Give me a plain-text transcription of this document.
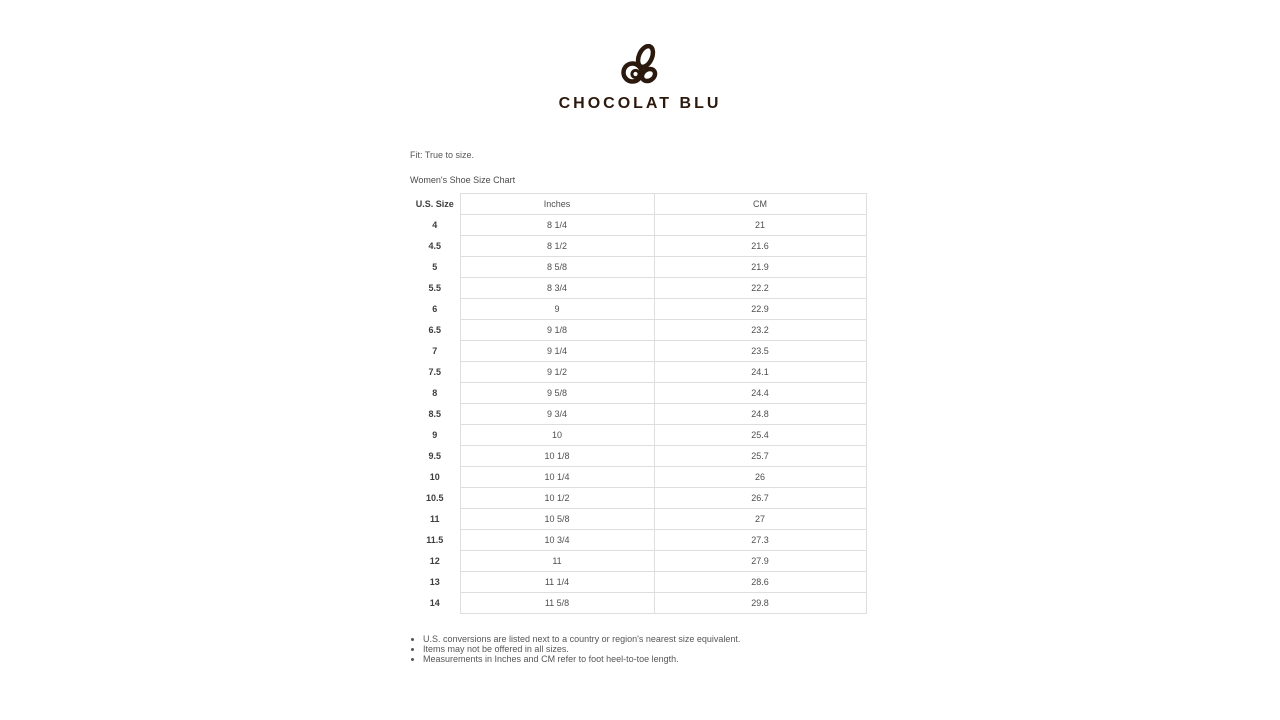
CHOCOLAT BLU

Fit: True to size.

Women's Shoe Size Chart
U.S. Size	Inches	CM
4	8 1/4	21
4.5	8 1/2	21.6
5	8 5/8	21.9
5.5	8 3/4	22.2
6	9	22.9
6.5	9 1/8	23.2
7	9 1/4	23.5
7.5	9 1/2	24.1
8	9 5/8	24.4
8.5	9 3/4	24.8
9	10	25.4
9.5	10 1/8	25.7
10	10 1/4	26
10.5	10 1/2	26.7
11	10 5/8	27
11.5	10 3/4	27.3
12	11	27.9
13	11 1/4	28.6
14	11 5/8	29.8
• U.S. conversions are listed next to a country or region's nearest size equivalent.
• Items may not be offered in all sizes.
• Measurements in Inches and CM refer to foot heel-to-toe length.
